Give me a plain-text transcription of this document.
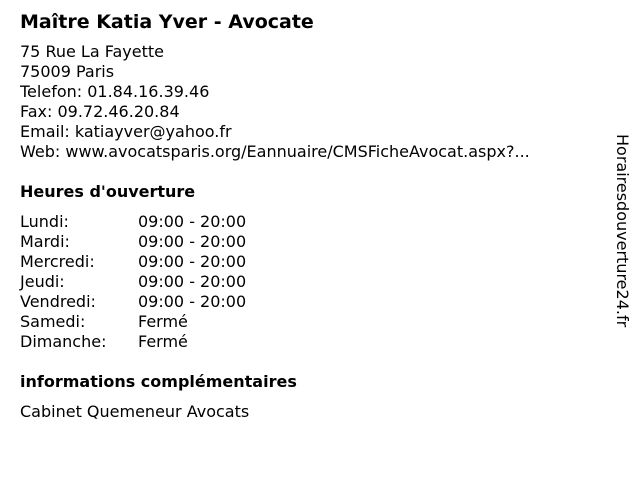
Maître Katia Yver - Avocate
75 Rue La Fayette
75009 Paris
Telefon: 01.84.16.39.46
Fax: 09.72.46.20.84
Email: katiayver@yahoo.fr
Web: www.avocatsparis.org/Eannuaire/CMSFicheAvocat.aspx?...
Heures d'ouverture
Lundi:	09:00 - 20:00
Mardi:	09:00 - 20:00
Mercredi:	09:00 - 20:00
Jeudi:	09:00 - 20:00
Vendredi:	09:00 - 20:00
Samedi:	Fermé
Dimanche:	Fermé
informations complémentaires
Cabinet Quemeneur Avocats
Horairesdouverture24.fr
